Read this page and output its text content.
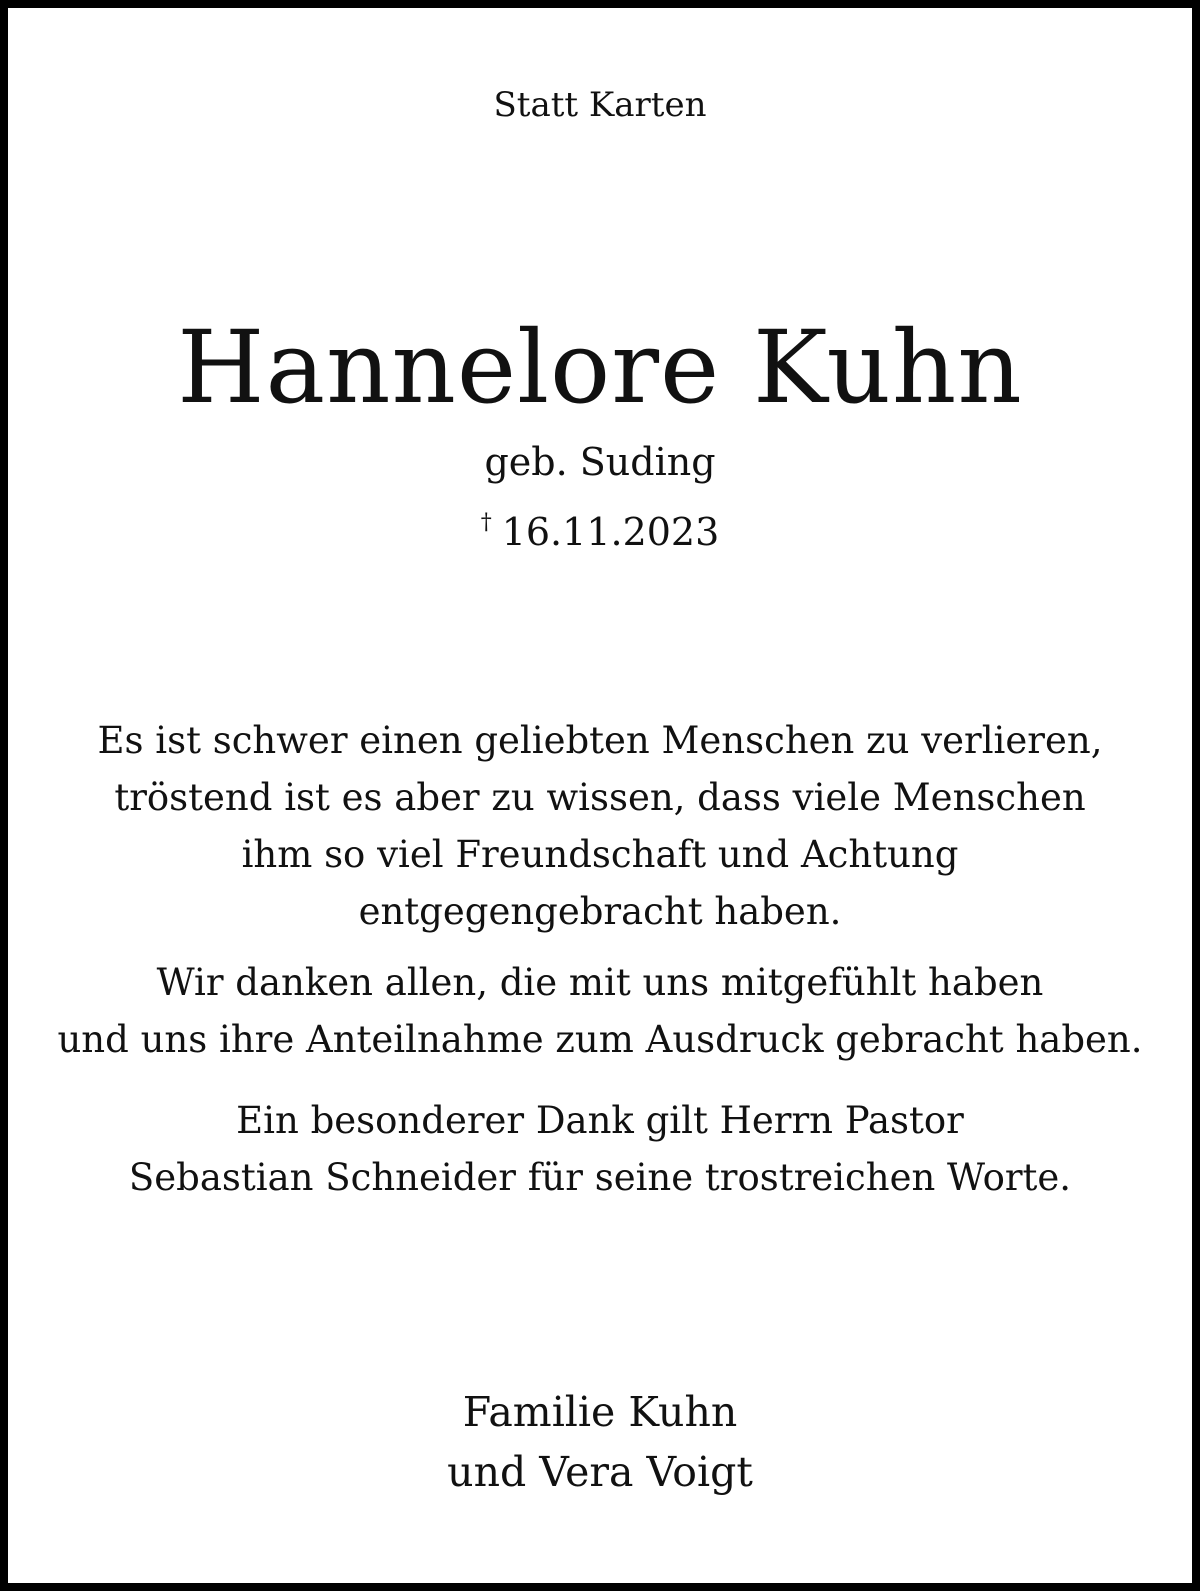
Statt Karten
Hannelore Kuhn
geb. Suding
† 16.11.2023
Es ist schwer einen geliebten Menschen zu verlieren,
tröstend ist es aber zu wissen, dass viele Menschen
ihm so viel Freundschaft und Achtung
entgegengebracht haben.
Wir danken allen, die mit uns mitgefühlt haben
und uns ihre Anteilnahme zum Ausdruck gebracht haben.
Ein besonderer Dank gilt Herrn Pastor
Sebastian Schneider für seine trostreichen Worte.
Familie Kuhn
und Vera Voigt
